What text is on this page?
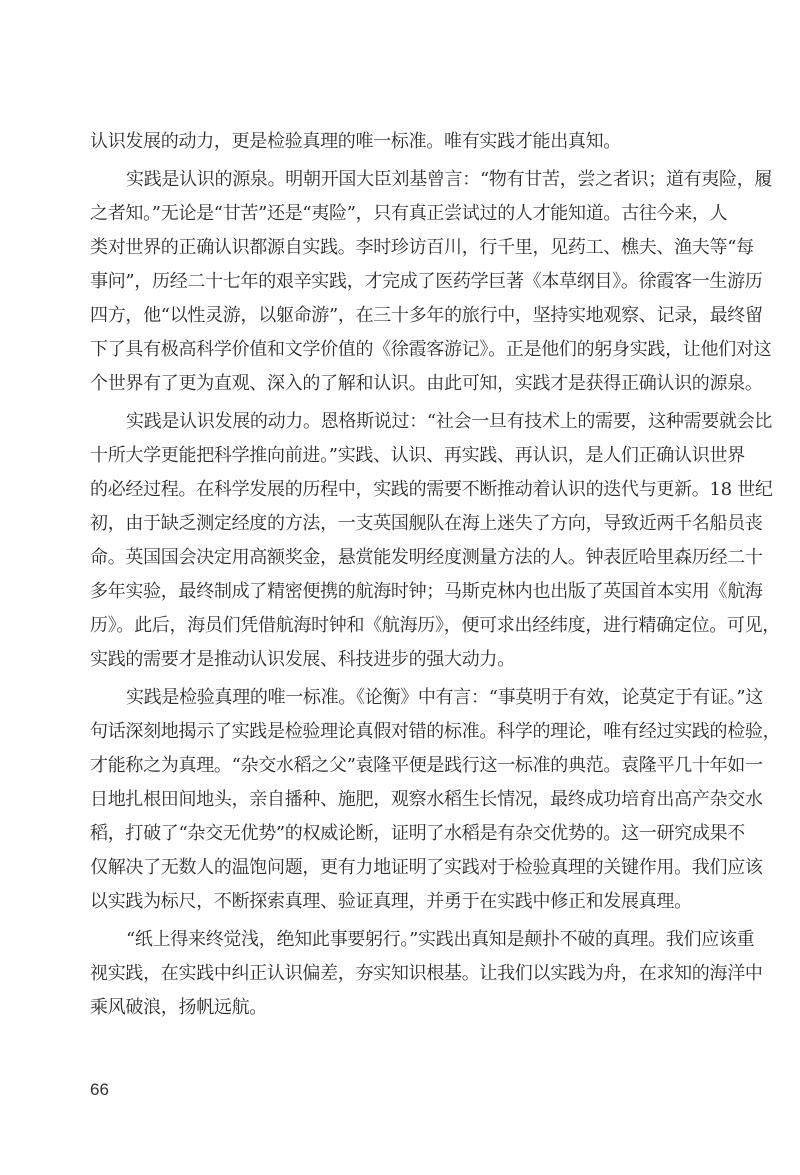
认识发展的动力，更是检验真理的唯一标准。唯有实践才能出真知。
实践是认识的源泉。明朝开国大臣刘基曾言：“物有甘苦，尝之者识；道有夷险，履
之者知。”无论是“甘苦”还是“夷险”，只有真正尝试过的人才能知道。古往今来，人
类对世界的正确认识都源自实践。李时珍访百川，行千里，见药工、樵夫、渔夫等“每
事问”，历经二十七年的艰辛实践，才完成了医药学巨著《本草纲目》。徐霞客一生游历
四方，他“以性灵游，以躯命游”，在三十多年的旅行中，坚持实地观察、记录，最终留
下了具有极高科学价值和文学价值的《徐霞客游记》。正是他们的躬身实践，让他们对这
个世界有了更为直观、深入的了解和认识。由此可知，实践才是获得正确认识的源泉。
实践是认识发展的动力。恩格斯说过：“社会一旦有技术上的需要，这种需要就会比
十所大学更能把科学推向前进。”实践、认识、再实践、再认识，是人们正确认识世界
的必经过程。在科学发展的历程中，实践的需要不断推动着认识的迭代与更新。18 世纪
初，由于缺乏测定经度的方法，一支英国舰队在海上迷失了方向，导致近两千名船员丧
命。英国国会决定用高额奖金，悬赏能发明经度测量方法的人。钟表匠哈里森历经二十
多年实验，最终制成了精密便携的航海时钟；马斯克林内也出版了英国首本实用《航海
历》。此后，海员们凭借航海时钟和《航海历》，便可求出经纬度，进行精确定位。可见，
实践的需要才是推动认识发展、科技进步的强大动力。
实践是检验真理的唯一标准。《论衡》中有言：“事莫明于有效，论莫定于有证。”这
句话深刻地揭示了实践是检验理论真假对错的标准。科学的理论，唯有经过实践的检验，
才能称之为真理。“杂交水稻之父”袁隆平便是践行这一标准的典范。袁隆平几十年如一
日地扎根田间地头，亲自播种、施肥，观察水稻生长情况，最终成功培育出高产杂交水
稻，打破了“杂交无优势”的权威论断，证明了水稻是有杂交优势的。这一研究成果不
仅解决了无数人的温饱问题，更有力地证明了实践对于检验真理的关键作用。我们应该
以实践为标尺，不断探索真理、验证真理，并勇于在实践中修正和发展真理。
“纸上得来终觉浅，绝知此事要躬行。”实践出真知是颠扑不破的真理。我们应该重
视实践，在实践中纠正认识偏差，夯实知识根基。让我们以实践为舟，在求知的海洋中
乘风破浪，扬帆远航。
66
